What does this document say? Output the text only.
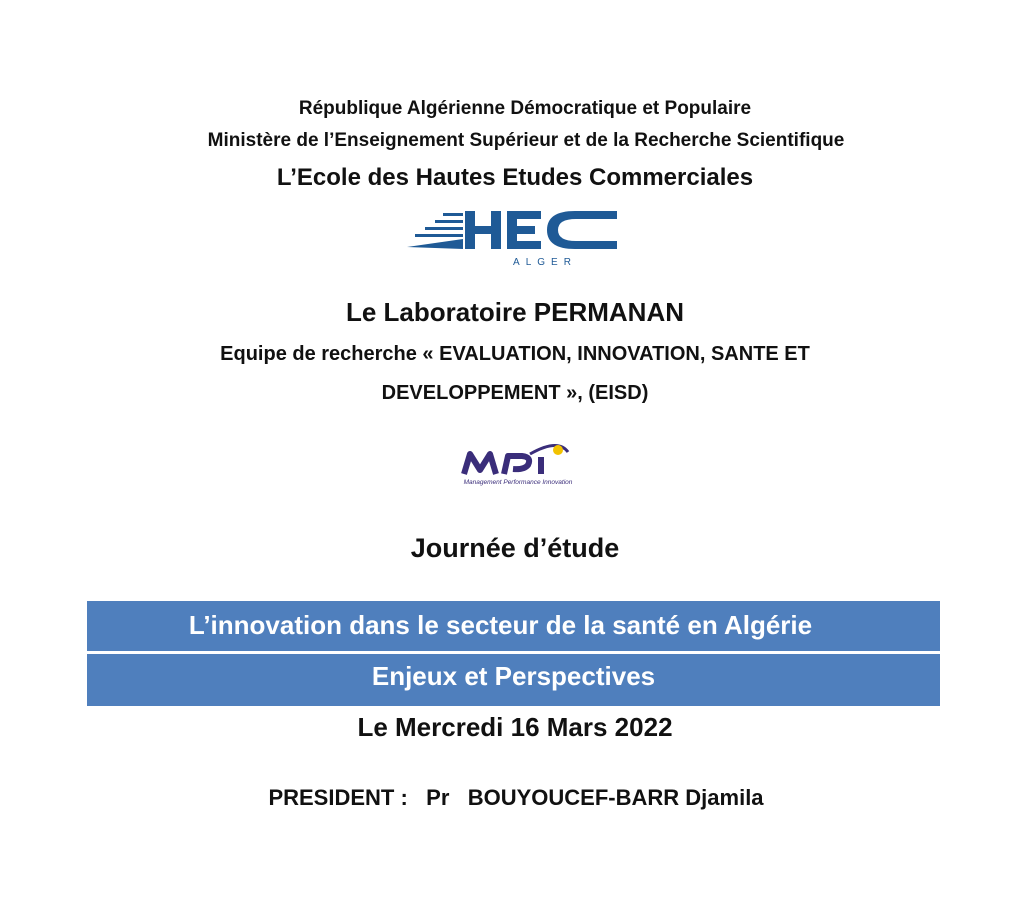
République Algérienne Démocratique et Populaire
Ministère de l’Enseignement Supérieur et de la Recherche Scientifique
L’Ecole des Hautes Etudes Commerciales
ALGER
Le Laboratoire PERMANAN
Equipe de recherche « EVALUATION, INNOVATION, SANTE ET
DEVELOPPEMENT », (EISD)
Management Performance Innovation
Journée d’étude
L’innovation dans le secteur de la santé en Algérie
Enjeux et Perspectives
Le Mercredi 16 Mars 2022
PRESIDENT : Pr BOUYOUCEF-BARR Djamila
